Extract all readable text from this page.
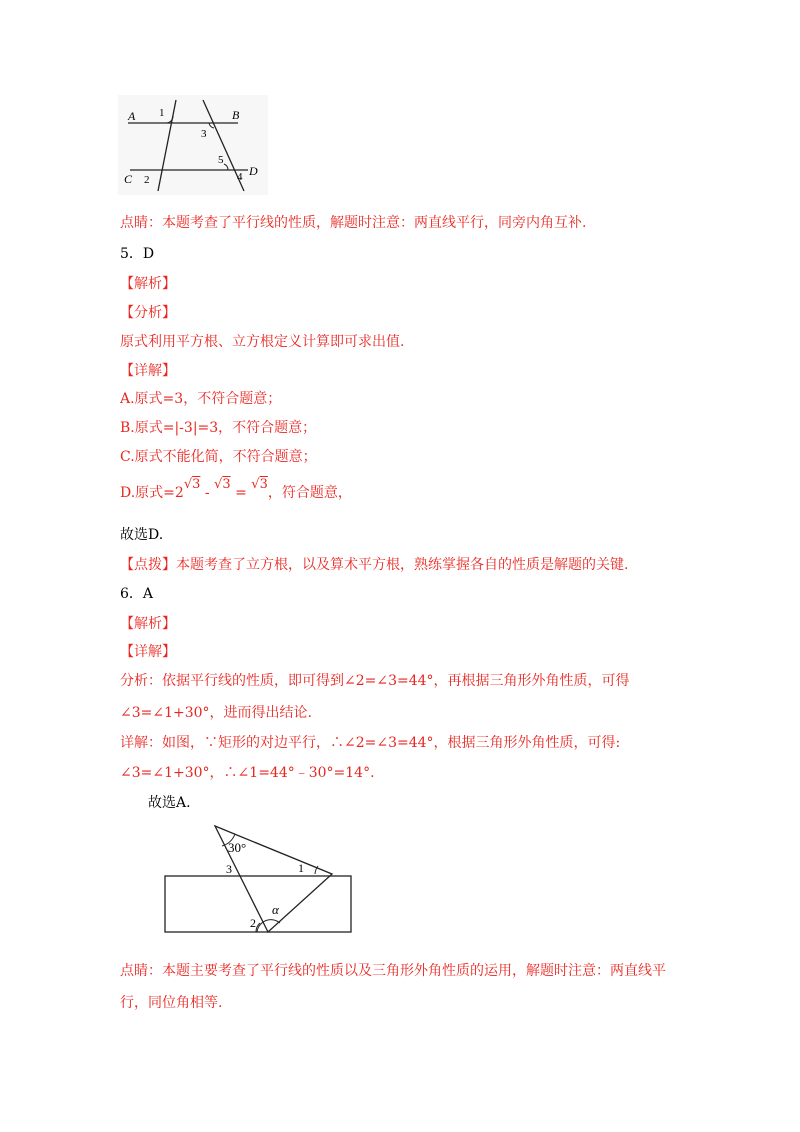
A	B
C
D
1
2
3
4
5
点睛：本题考查了平行线的性质，解题时注意：两直线平行，同旁内角互补.
5．D
【解析】
【分析】
原式利用平方根、立方根定义计算即可求出值.
【详解】
A.原式=3，不符合题意；
B.原式=|-3|=3，不符合题意；
C.原式不能化简，不符合题意；
D.原式=2√3 - √3 = √3，符合题意，
故选D.
【点拨】本题考查了立方根，以及算术平方根，熟练掌握各自的性质是解题的关键.
6．A
【解析】
【详解】
分析：依据平行线的性质，即可得到∠2=∠3=44°，再根据三角形外角性质，可得
∠3=∠1+30°，进而得出结论.
详解：如图，∵矩形的对边平行，∴∠2=∠3=44°，根据三角形外角性质，可得:
∠3=∠1+30°，∴∠1=44°﹣30°=14°.
故选A.
30°
1
3
2
α
点睛：本题主要考查了平行线的性质以及三角形外角性质的运用，解题时注意：两直线平
行，同位角相等.
